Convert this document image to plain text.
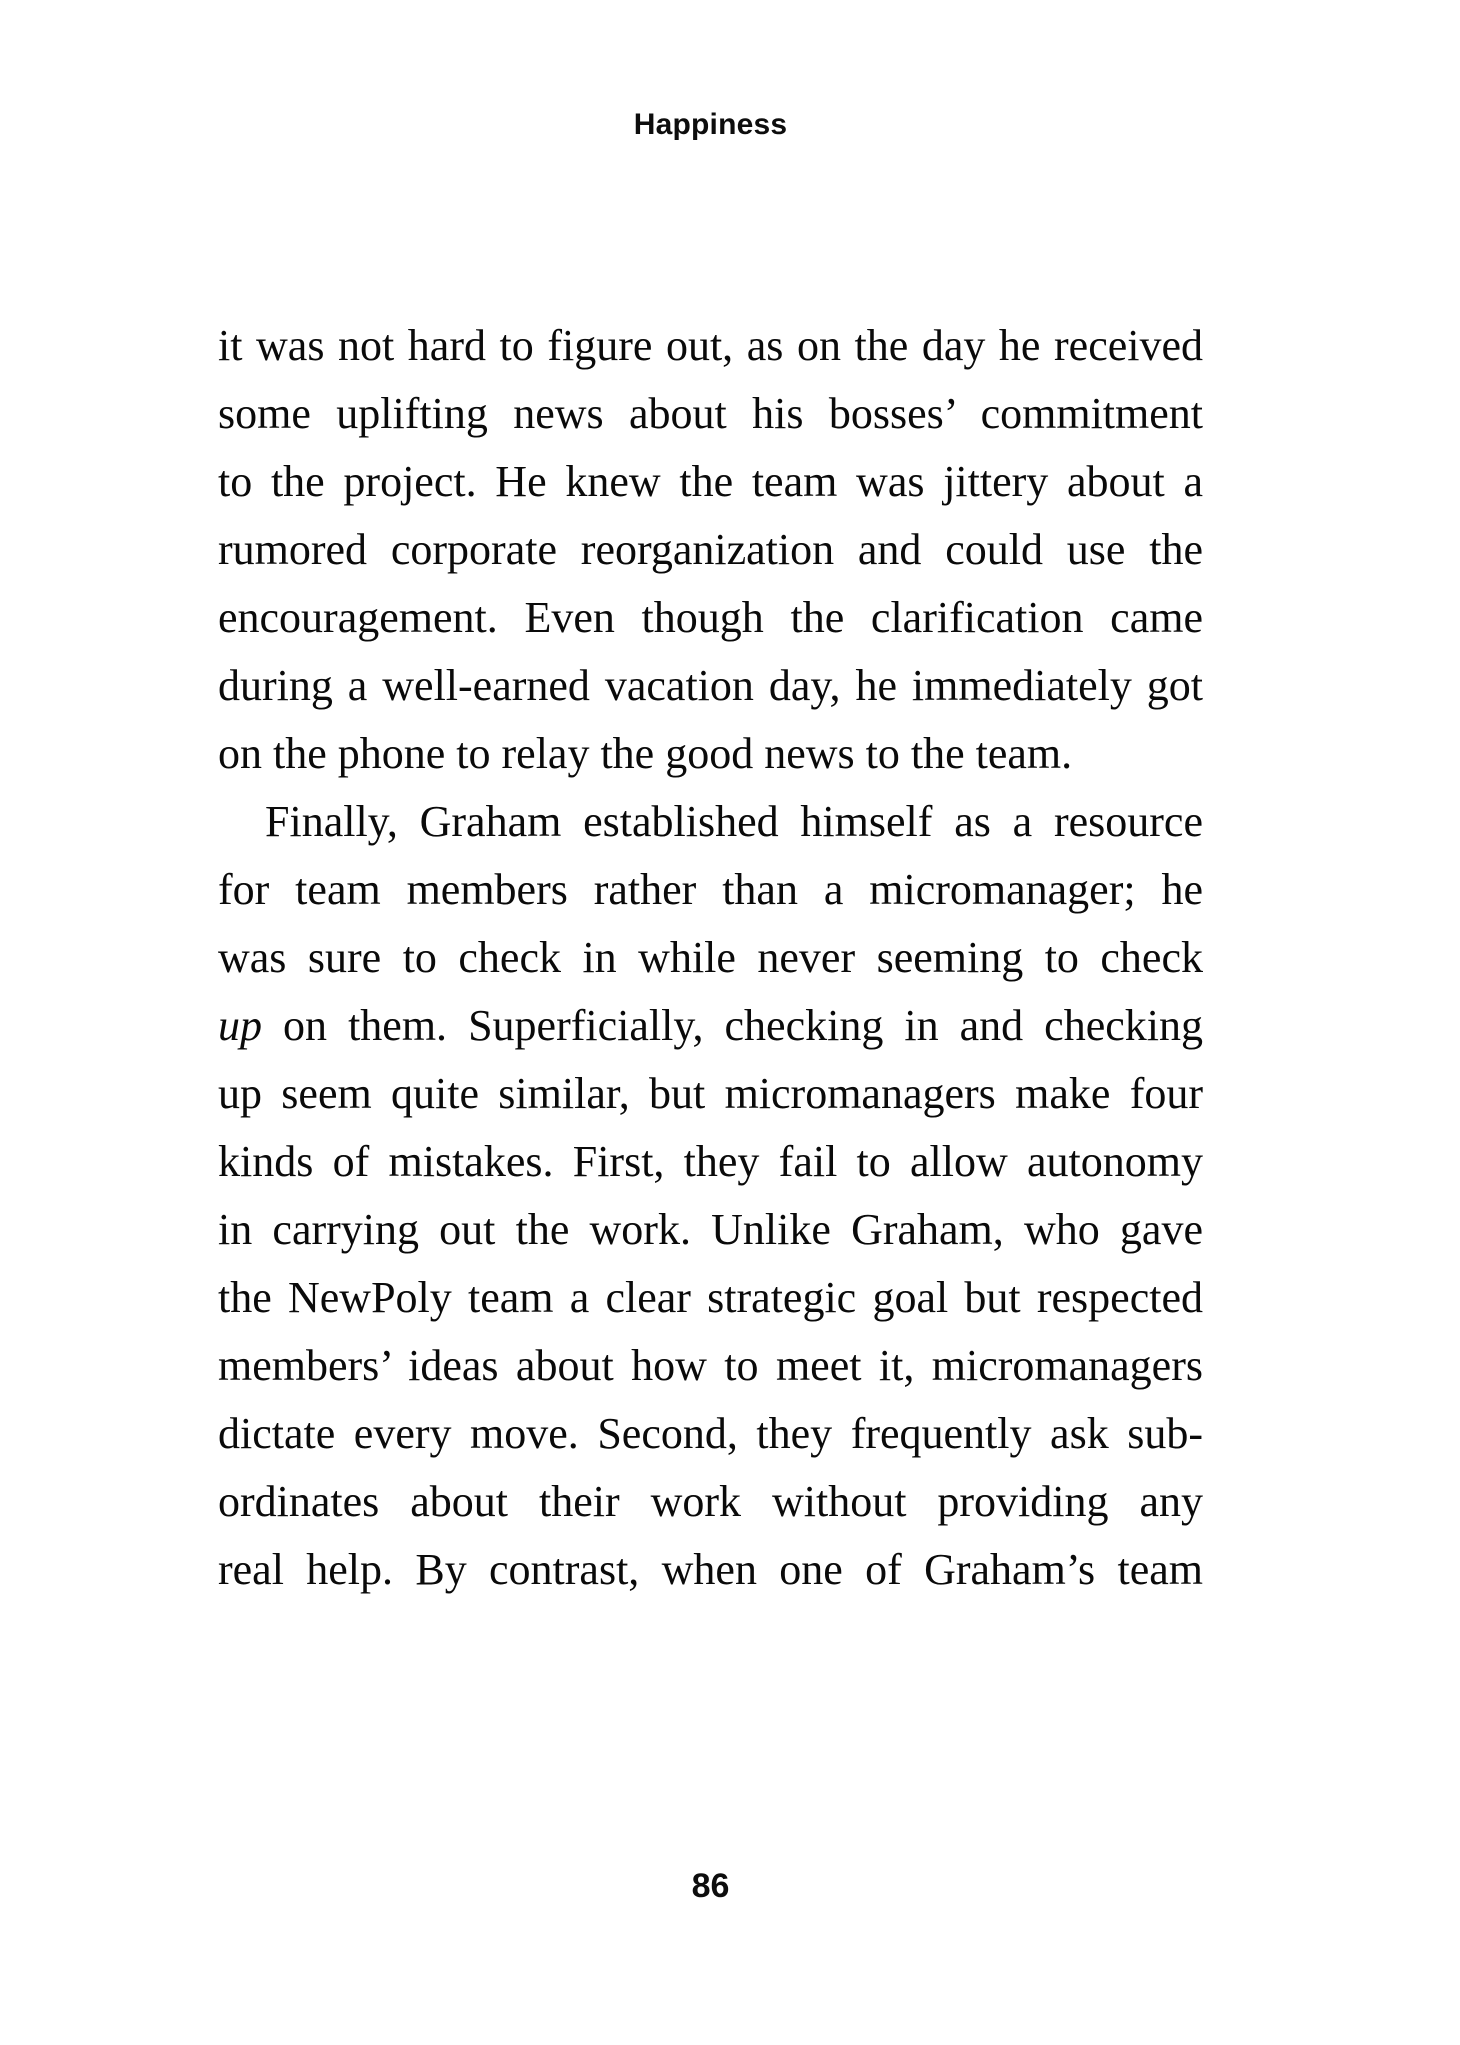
Happiness
it was not hard to figure out, as on the day he received
some uplifting news about his bosses’ commitment
to the project. He knew the team was jittery about a
rumored corporate reorganization and could use the
encouragement. Even though the clarification came
during a well-earned vacation day, he immediately got
on the phone to relay the good news to the team.
Finally, Graham established himself as a resource
for team members rather than a micromanager; he
was sure to check in while never seeming to check
up on them. Superficially, checking in and checking
up seem quite similar, but micromanagers make four
kinds of mistakes. First, they fail to allow autonomy
in carrying out the work. Unlike Graham, who gave
the NewPoly team a clear strategic goal but respected
members’ ideas about how to meet it, micromanagers
dictate every move. Second, they frequently ask sub-
ordinates about their work without providing any
real help. By contrast, when one of Graham’s team
86
